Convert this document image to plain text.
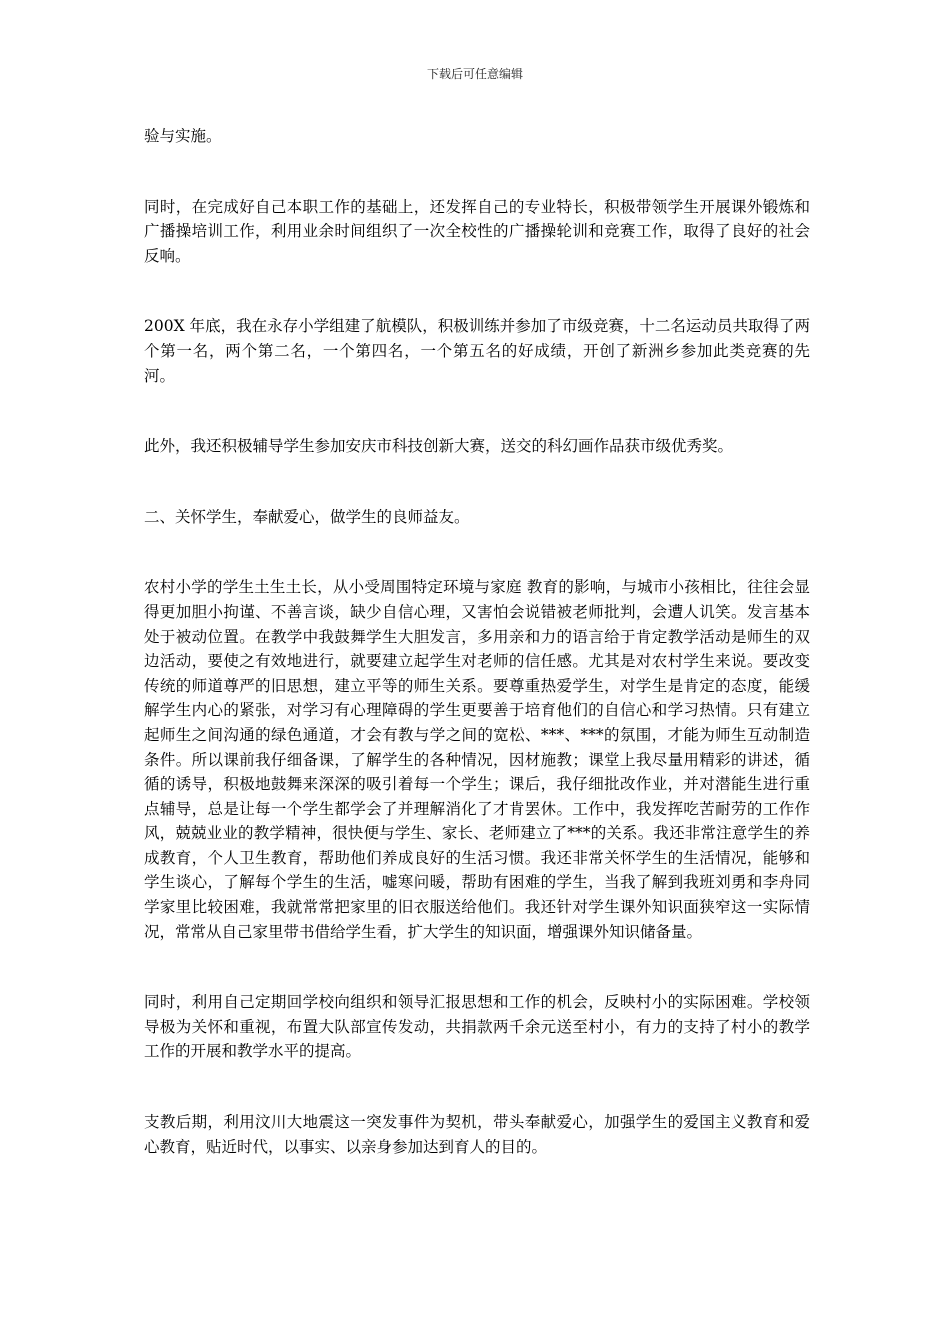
下载后可任意编辑

验与实施。

同时，在完成好自己本职工作的基础上，还发挥自己的专业特长，积极带领学生开展课外锻炼和广播操培训工作，利用业余时间组织了一次全校性的广播操轮训和竞赛工作，取得了良好的社会反响。

200X 年底，我在永存小学组建了航模队，积极训练并参加了市级竞赛，十二名运动员共取得了两个第一名，两个第二名，一个第四名，一个第五名的好成绩，开创了新洲乡参加此类竞赛的先河。

此外，我还积极辅导学生参加安庆市科技创新大赛，送交的科幻画作品获市级优秀奖。

二、关怀学生，奉献爱心，做学生的良师益友。

农村小学的学生土生土长，从小受周围特定环境与家庭 教育的影响，与城市小孩相比，往往会显得更加胆小拘谨、不善言谈，缺少自信心理，又害怕会说错被老师批判，会遭人讥笑。发言基本处于被动位置。在教学中我鼓舞学生大胆发言，多用亲和力的语言给于肯定教学活动是师生的双边活动，要使之有效地进行，就要建立起学生对老师的信任感。尤其是对农村学生来说。要改变传统的师道尊严的旧思想，建立平等的师生关系。要尊重热爱学生，对学生是肯定的态度，能缓解学生内心的紧张，对学习有心理障碍的学生更要善于培育他们的自信心和学习热情。只有建立起师生之间沟通的绿色通道，才会有教与学之间的宽松、***、***的氛围，才能为师生互动制造条件。所以课前我仔细备课，了解学生的各种情况，因材施教；课堂上我尽量用精彩的讲述，循循的诱导，积极地鼓舞来深深的吸引着每一个学生；课后，我仔细批改作业，并对潜能生进行重点辅导，总是让每一个学生都学会了并理解消化了才肯罢休。工作中，我发挥吃苦耐劳的工作作风，兢兢业业的教学精神，很快便与学生、家长、老师建立了***的关系。我还非常注意学生的养成教育，个人卫生教育，帮助他们养成良好的生活习惯。我还非常关怀学生的生活情况，能够和学生谈心，了解每个学生的生活，嘘寒问暖，帮助有困难的学生，当我了解到我班刘勇和李舟同学家里比较困难，我就常常把家里的旧衣服送给他们。我还针对学生课外知识面狭窄这一实际情况，常常从自己家里带书借给学生看，扩大学生的知识面，增强课外知识储备量。

同时，利用自己定期回学校向组织和领导汇报思想和工作的机会，反映村小的实际困难。学校领导极为关怀和重视，布置大队部宣传发动，共捐款两千余元送至村小，有力的支持了村小的教学工作的开展和教学水平的提高。

支教后期，利用汶川大地震这一突发事件为契机，带头奉献爱心，加强学生的爱国主义教育和爱心教育，贴近时代，以事实、以亲身参加达到育人的目的。
